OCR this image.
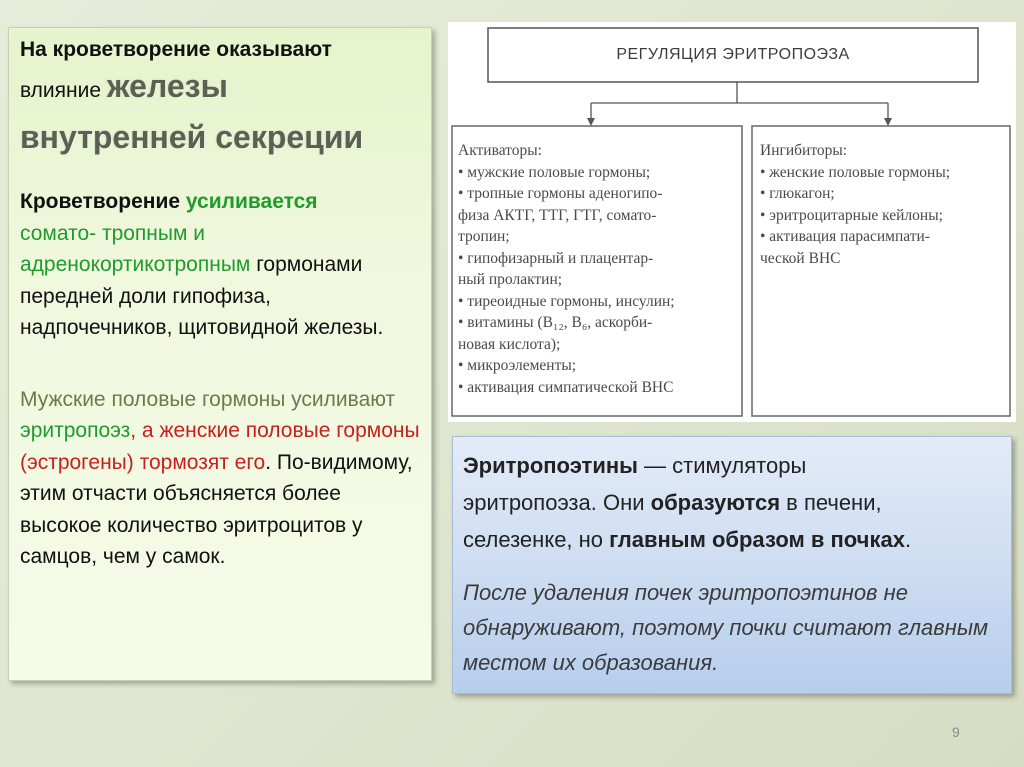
На кроветворение оказывают

влияние железы

внутренней секреции

Кроветворение усиливается
сомато- тропным и
адренокортикотропным гормонами передней доли гипофиза, надпочечников, щитовидной железы.
Мужские половые гормоны усиливают эритропоэз, а женские половые гормоны (эстрогены) тормозят его. По-видимому, этим отчасти объясняется более высокое количество эритроцитов у самцов, чем у самок.
РЕГУЛЯЦИЯ ЭРИТРОПОЭЗА

Активаторы:

• мужские половые гормоны;
• тропные гормоны аденогипо-
физа АКТГ, ТТГ, ГТГ, сомато-
тропин;
• гипофизарный и плацентар-
ный пролактин;
• тиреоидные гормоны, инсулин;
• витамины (B₁₂, B₆, аскорби-
новая кислота);
• микроэлементы;
• активация симпатической ВНС

Ингибиторы:

• женские половые гормоны;
• глюкагон;
• эритроцитарные кейлоны;
• активация парасимпати-
ческой ВНС
Эритропоэтины — стимуляторы
эритропоэза. Они образуются в печени,
селезенке, но главным образом в почках.
После удаления почек эритропоэтинов не обнаруживают, поэтому почки считают главным местом их образования.
9
